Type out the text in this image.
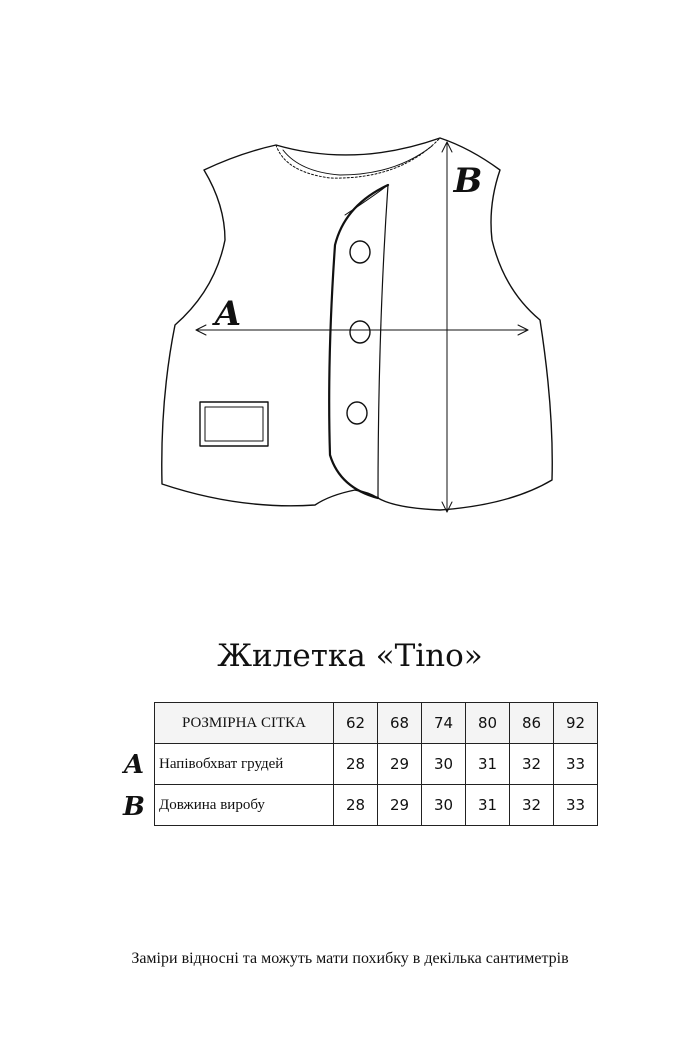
A
B
Жилетка «Tino»
A
B
РОЗМІРНА СІТКА	62	68	74	80	86	92
Напівобхват грудей	28	29	30	31	32	33
Довжина виробу	28	29	30	31	32	33
Заміри відносні та можуть мати похибку в декілька сантиметрів
